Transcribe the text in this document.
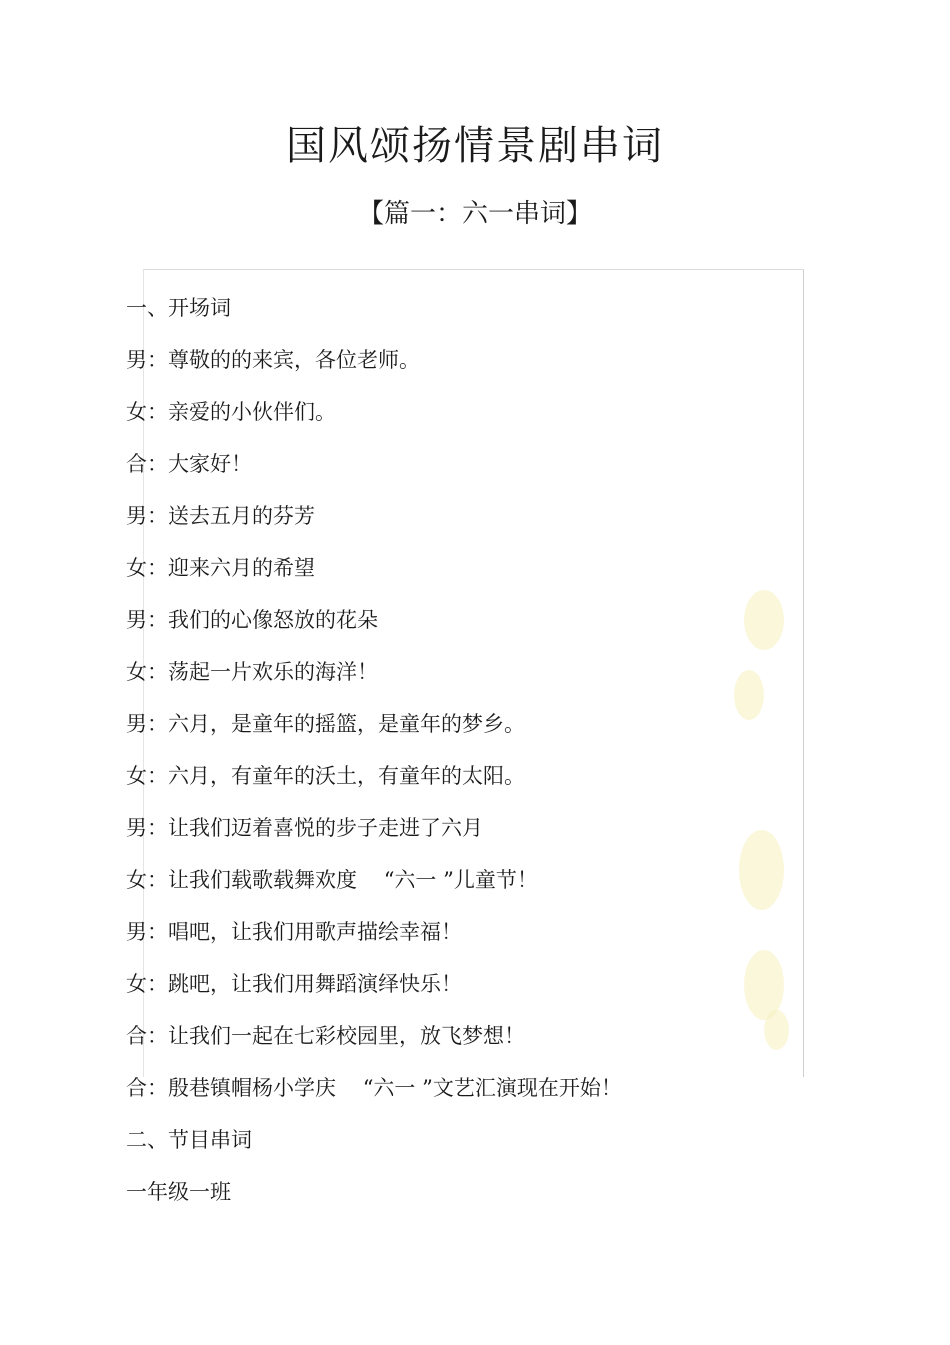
国风颂扬情景剧串词
【篇一：六一串词】
一、开场词
男：尊敬的的来宾，各位老师。
女：亲爱的小伙伴们。
合：大家好！
男：送去五月的芬芳
女：迎来六月的希望
男：我们的心像怒放的花朵
女：荡起一片欢乐的海洋！
男：六月，是童年的摇篮，是童年的梦乡。
女：六月，有童年的沃土，有童年的太阳。
男：让我们迈着喜悦的步子走进了六月
女：让我们载歌载舞欢度    “六一 ”儿童节！
男：唱吧，让我们用歌声描绘幸福！
女：跳吧，让我们用舞蹈演绎快乐！
合：让我们一起在七彩校园里，放飞梦想！
合：殷巷镇帽杨小学庆    “六一 ”文艺汇演现在开始！
二、节目串词
一年级一班
